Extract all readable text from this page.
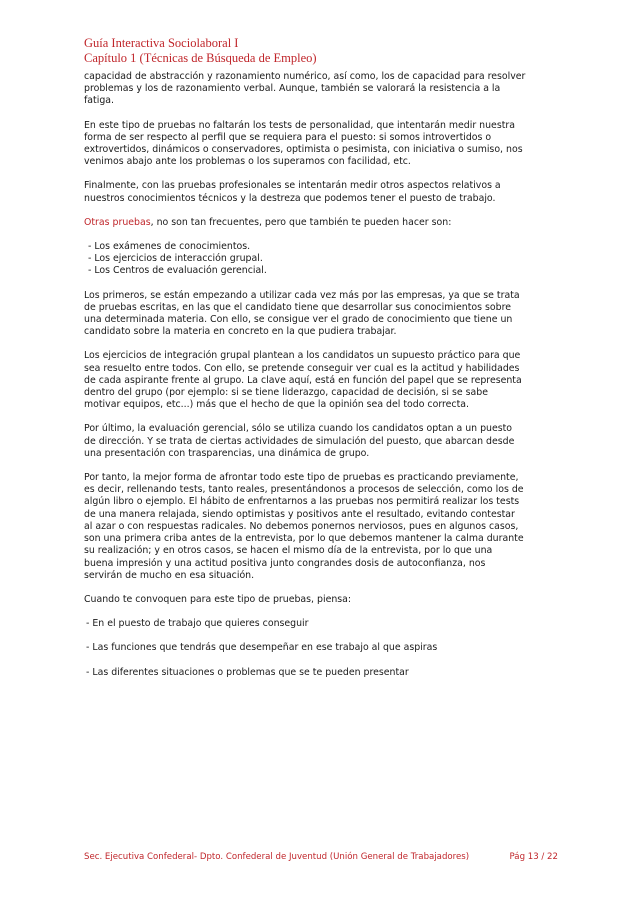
Guía Interactiva Sociolaboral I
Capítulo 1 (Técnicas de Búsqueda de Empleo)

capacidad de abstracción y razonamiento numérico, así como, los de capacidad para resolver

problemas y los de razonamiento verbal. Aunque, también se valorará la resistencia a la

fatiga.

En este tipo de pruebas no faltarán los tests de personalidad, que intentarán medir nuestra

forma de ser respecto al perfil que se requiera para el puesto: si somos introvertidos o

extrovertidos, dinámicos o conservadores, optimista o pesimista, con iniciativa o sumiso, nos

venimos abajo ante los problemas o los superamos con facilidad, etc.

Finalmente, con las pruebas profesionales se intentarán medir otros aspectos relativos a

nuestros conocimientos técnicos y la destreza que podemos tener el puesto de trabajo.

Otras pruebas, no son tan frecuentes, pero que también te pueden hacer son:

- Los exámenes de conocimientos.

- Los ejercicios de interacción grupal.

- Los Centros de evaluación gerencial.

Los primeros, se están empezando a utilizar cada vez más por las empresas, ya que se trata

de pruebas escritas, en las que el candidato tiene que desarrollar sus conocimientos sobre

una determinada materia. Con ello, se consigue ver el grado de conocimiento que tiene un

candidato sobre la materia en concreto en la que pudiera trabajar.

Los ejercicios de integración grupal plantean a los candidatos un supuesto práctico para que

sea resuelto entre todos. Con ello, se pretende conseguir ver cual es la actitud y habilidades

de cada aspirante frente al grupo. La clave aquí, está en función del papel que se representa

dentro del grupo (por ejemplo: si se tiene liderazgo, capacidad de decisión, si se sabe

motivar equipos, etc...) más que el hecho de que la opinión sea del todo correcta.

Por último, la evaluación gerencial, sólo se utiliza cuando los candidatos optan a un puesto

de dirección. Y se trata de ciertas actividades de simulación del puesto, que abarcan desde

una presentación con trasparencias, una dinámica de grupo.

Por tanto, la mejor forma de afrontar todo este tipo de pruebas es practicando previamente,

es decir, rellenando tests, tanto reales, presentándonos a procesos de selección, como los de

algún libro o ejemplo. El hábito de enfrentarnos a las pruebas nos permitirá realizar los tests

de una manera relajada, siendo optimistas y positivos ante el resultado, evitando contestar

al azar o con respuestas radicales. No debemos ponernos nerviosos, pues en algunos casos,

son una primera criba antes de la entrevista, por lo que debemos mantener la calma durante

su realización; y en otros casos, se hacen el mismo día de la entrevista, por lo que una

buena impresión y una actitud positiva junto congrandes dosis de autoconfianza, nos

servirán de mucho en esa situación.

Cuando te convoquen para este tipo de pruebas, piensa:

- En el puesto de trabajo que quieres conseguir

- Las funciones que tendrás que desempeñar en ese trabajo al que aspiras

- Las diferentes situaciones o problemas que se te pueden presentar

Sec. Ejecutiva Confederal- Dpto. Confederal de Juventud (Unión General de Trabajadores)	Pág 13 / 22
